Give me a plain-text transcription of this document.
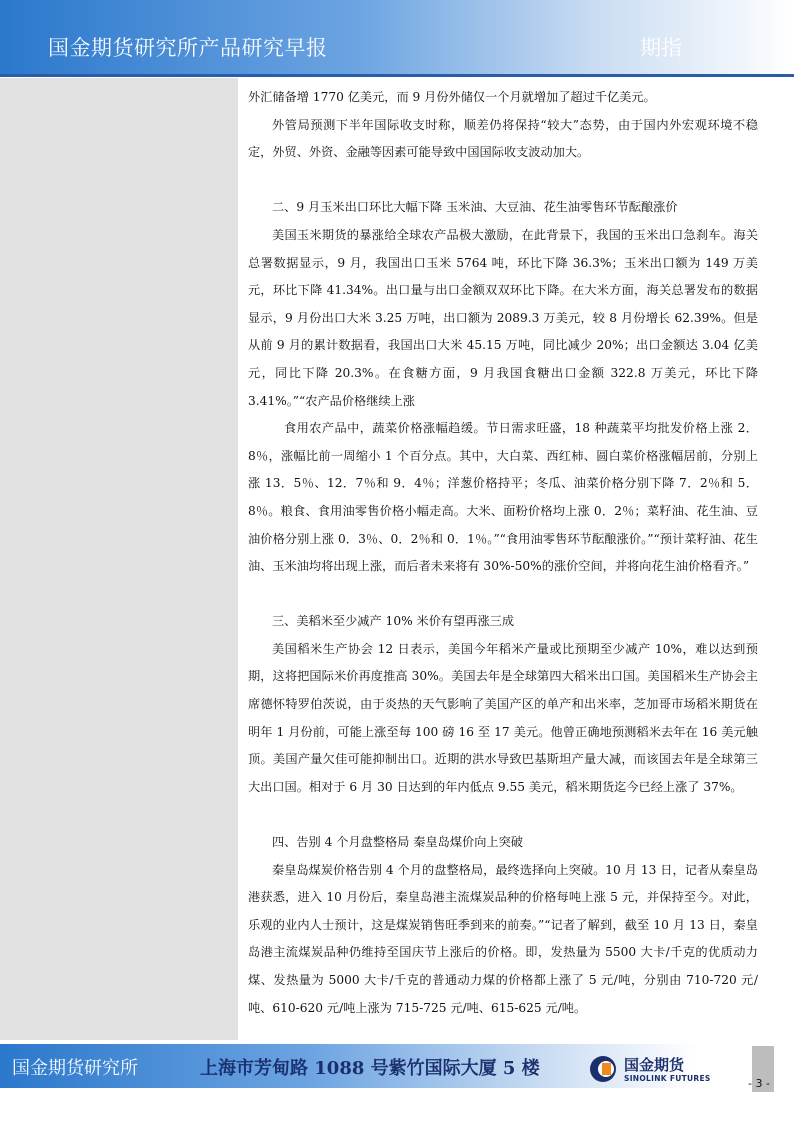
国金期货研究所产品研究早报	期指

外汇储备增 1770 亿美元，而 9 月份外储仅一个月就增加了超过千亿美元。

外管局预测下半年国际收支时称，顺差仍将保持“较大”态势，由于国内外宏观环境不稳定，外贸、外资、金融等因素可能导致中国国际收支波动加大。

二、9 月玉米出口环比大幅下降 玉米油、大豆油、花生油零售环节酝酿涨价

美国玉米期货的暴涨给全球农产品极大激励，在此背景下，我国的玉米出口急刹车。海关总署数据显示，9 月，我国出口玉米 5764 吨，环比下降 36.3%；玉米出口额为 149 万美元，环比下降 41.34%。出口量与出口金额双双环比下降。在大米方面，海关总署发布的数据显示，9 月份出口大米 3.25 万吨，出口额为 2089.3 万美元，较 8 月份增长 62.39%。但是从前 9 月的累计数据看，我国出口大米 45.15 万吨，同比减少 20%；出口金额达 3.04 亿美元，同比下降 20.3%。在食糖方面，9 月我国食糖出口金额 322.8 万美元，环比下降 3.41%。”“农产品价格继续上涨

食用农产品中，蔬菜价格涨幅趋缓。节日需求旺盛，18 种蔬菜平均批发价格上涨 2．8％，涨幅比前一周缩小 1 个百分点。其中，大白菜、西红柿、圆白菜价格涨幅居前，分别上涨 13．5％、12．7％和 9．4％；洋葱价格持平；冬瓜、油菜价格分别下降 7．2％和 5．8％。粮食、食用油零售价格小幅走高。大米、面粉价格均上涨 0．2％；菜籽油、花生油、豆油价格分别上涨 0．3％、0．2％和 0．1％。”“食用油零售环节酝酿涨价。”“预计菜籽油、花生油、玉米油均将出现上涨，而后者未来将有 30%-50%的涨价空间，并将向花生油价格看齐。”

三、美稻米至少减产 10% 米价有望再涨三成

美国稻米生产协会 12 日表示，美国今年稻米产量或比预期至少减产 10%，难以达到预期，这将把国际米价再度推高 30%。美国去年是全球第四大稻米出口国。美国稻米生产协会主席德怀特罗伯茨说，由于炎热的天气影响了美国产区的单产和出米率，芝加哥市场稻米期货在明年 1 月份前，可能上涨至每 100 磅 16 至 17 美元。他曾正确地预测稻米去年在 16 美元触顶。美国产量欠佳可能抑制出口。近期的洪水导致巴基斯坦产量大减，而该国去年是全球第三大出口国。相对于 6 月 30 日达到的年内低点 9.55 美元，稻米期货迄今已经上涨了 37%。

四、告别 4 个月盘整格局 秦皇岛煤价向上突破

秦皇岛煤炭价格告别 4 个月的盘整格局，最终选择向上突破。10 月 13 日，记者从秦皇岛港获悉，进入 10 月份后，秦皇岛港主流煤炭品种的价格每吨上涨 5 元，并保持至今。对此，乐观的业内人士预计，这是煤炭销售旺季到来的前奏。”“记者了解到，截至 10 月 13 日，秦皇岛港主流煤炭品种仍维持至国庆节上涨后的价格。即，发热量为 5500 大卡/千克的优质动力煤、发热量为 5000 大卡/千克的普通动力煤的价格都上涨了 5 元/吨，分别由 710-720 元/吨、610-620 元/吨上涨为 715-725 元/吨、615-625 元/吨。

国金期货研究所	上海市芳甸路 1088 号紫竹国际大厦 5 楼	国金期货
SINOLINK FUTURES	- 3 -
